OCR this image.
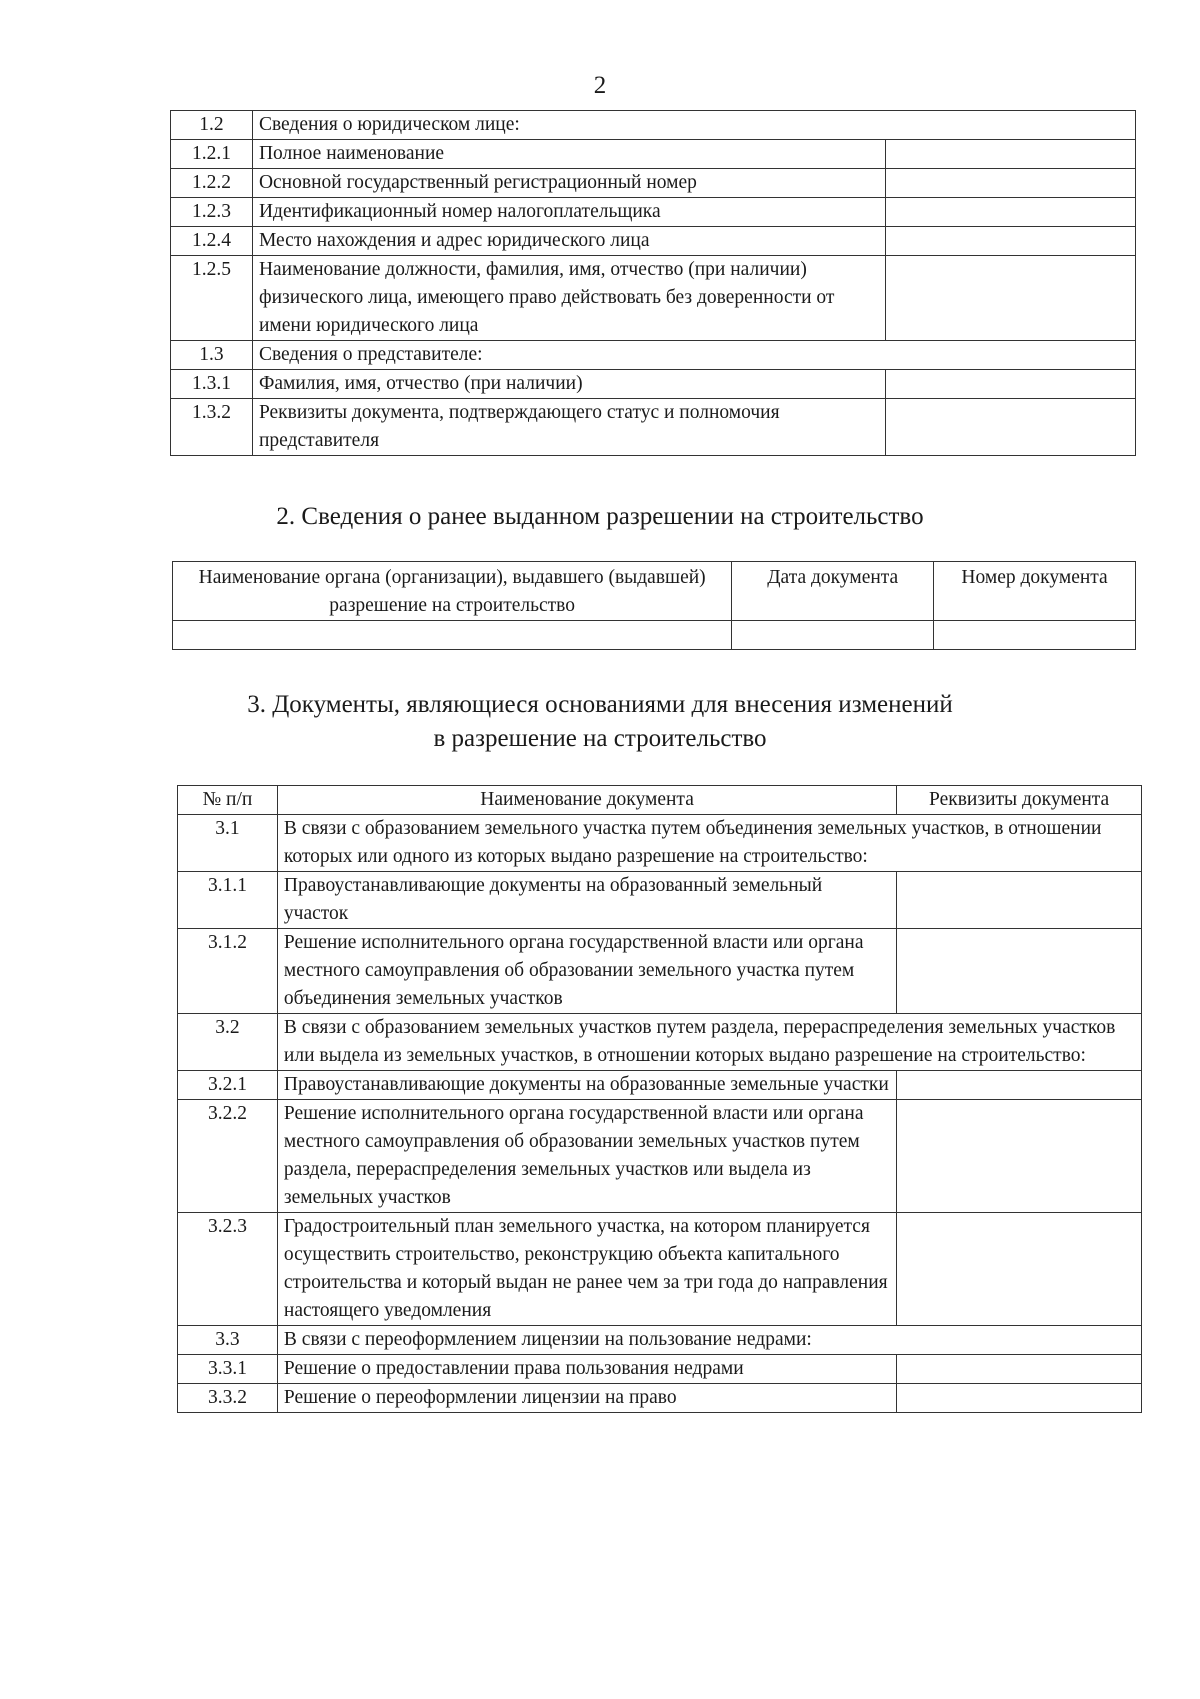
2
1.2	Сведения о юридическом лице:	
1.2.1	Полное наименование	
1.2.2	Основной государственный регистрационный номер	
1.2.3	Идентификационный номер налогоплательщика	
1.2.4	Место нахождения и адрес юридического лица	
1.2.5	Наименование должности, фамилия, имя, отчество (при наличии) физического лица, имеющего право действовать без доверенности от имени юридического лица	
1.3	Сведения о представителе:	
1.3.1	Фамилия, имя, отчество (при наличии)	
1.3.2	Реквизиты документа, подтверждающего статус и полномочия представителя	
2. Сведения о ранее выданном разрешении на строительство
Наименование органа (организации), выдавшего (выдавшей) разрешение на строительство	Дата документа	Номер документа

3. Документы, являющиеся основаниями для внесения изменений
в разрешение на строительство
№ п/п	Наименование документа	Реквизиты документа
3.1	В связи с образованием земельного участка путем объединения земельных участков, в отношении которых или одного из которых выдано разрешение на строительство:	
3.1.1	Правоустанавливающие документы на образованный земельный участок	
3.1.2	Решение исполнительного органа государственной власти или органа местного самоуправления об образовании земельного участка путем объединения земельных участков	
3.2	В связи с образованием земельных участков путем раздела, перераспределения земельных участков или выдела из земельных участков, в отношении которых выдано разрешение на строительство:	
3.2.1	Правоустанавливающие документы на образованные земельные участки	
3.2.2	Решение исполнительного органа государственной власти или органа местного самоуправления об образовании земельных участков путем раздела, перераспределения земельных участков или выдела из земельных участков	
3.2.3	Градостроительный план земельного участка, на котором планируется осуществить строительство, реконструкцию объекта капитального строительства и который выдан не ранее чем за три года до направления настоящего уведомления	
3.3	В связи с переоформлением лицензии на пользование недрами:	
3.3.1	Решение о предоставлении права пользования недрами	
3.3.2	Решение о переоформлении лицензии на право	
